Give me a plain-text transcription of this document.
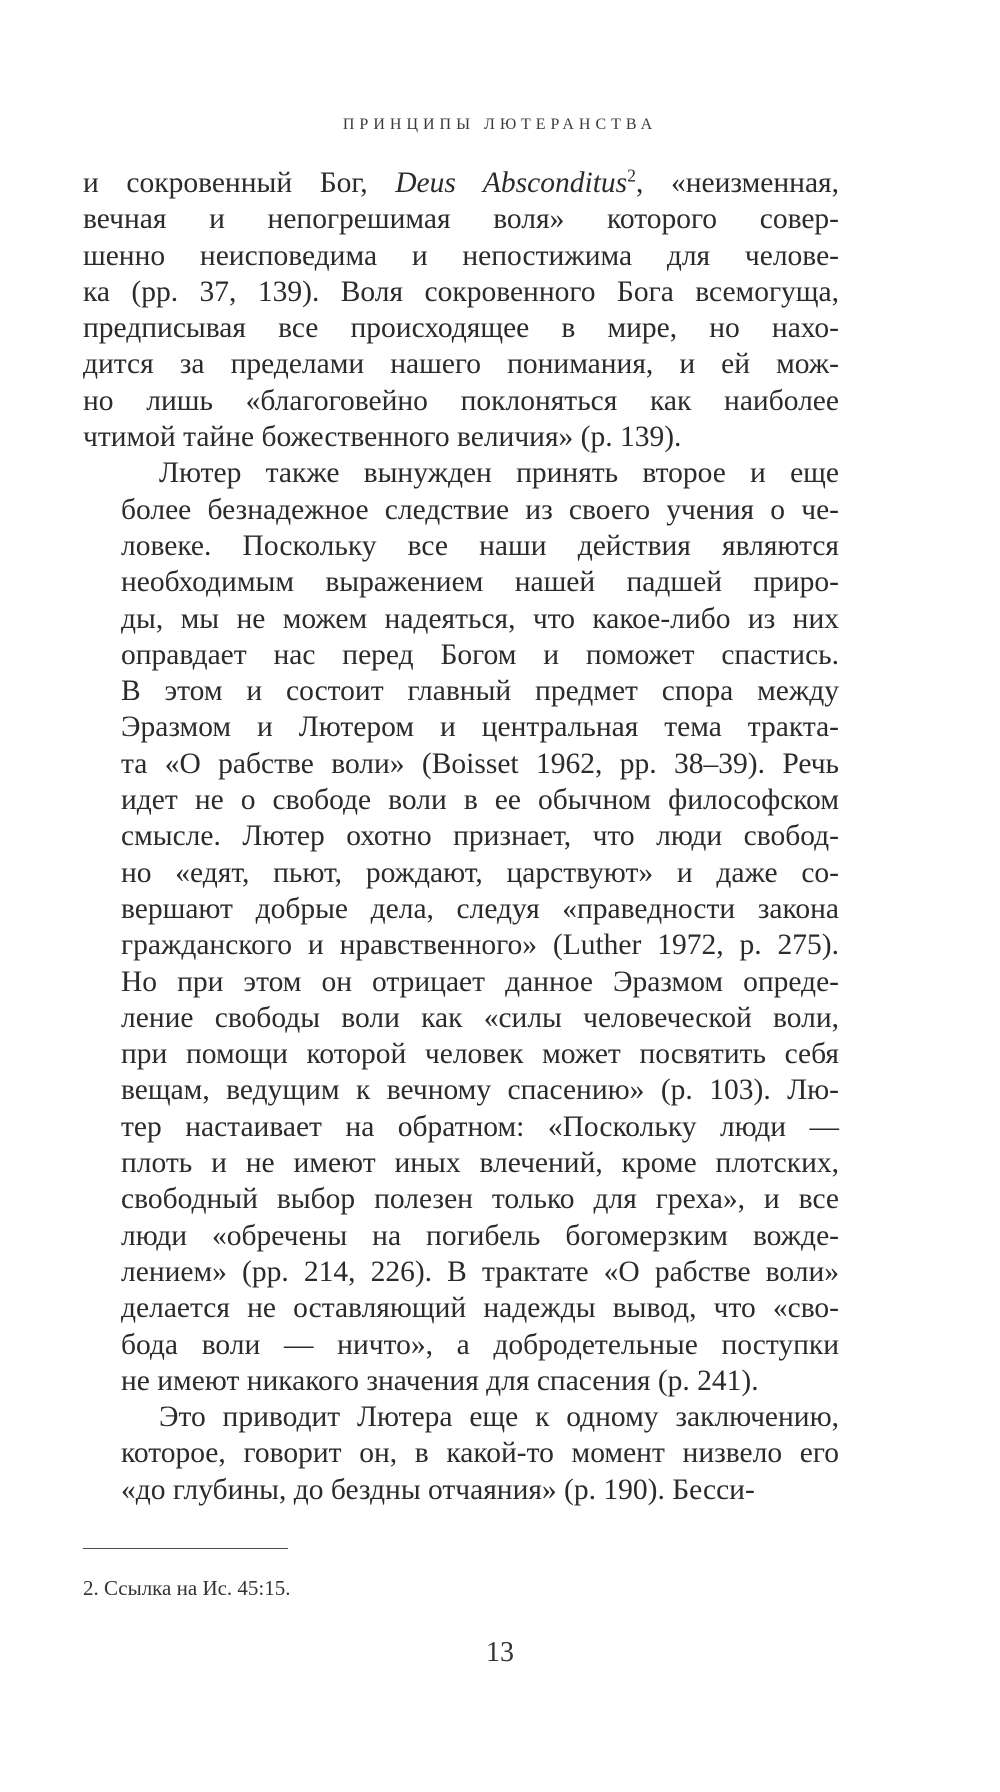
ПРИНЦИПЫ ЛЮТЕРАНСТВА

и сокровенный Бог, Deus Absconditus$^2$, «неизменная,
вечная и непогрешимая воля» которого совер-
шенно неисповедима и непостижима для челове-
ка (pp. 37, 139). Воля сокровенного Бога всемогуща,
предписывая все происходящее в мире, но нахо-
дится за пределами нашего понимания, и ей мож-
но лишь «благоговейно поклоняться как наиболее
чтимой тайне божественного величия» (p. 139).

Лютер также вынужден принять второе и еще
более безнадежное следствие из своего учения о че-
ловеке. Поскольку все наши действия являются
необходимым выражением нашей падшей приро-
ды, мы не можем надеяться, что какое-либо из них
оправдает нас перед Богом и поможет спастись.
В этом и состоит главный предмет спора между
Эразмом и Лютером и центральная тема тракта-
та «О рабстве воли» (Boisset 1962, pp. 38–39). Речь
идет не о свободе воли в ее обычном философском
смысле. Лютер охотно признает, что люди свобод-
но «едят, пьют, рождают, царствуют» и даже со-
вершают добрые дела, следуя «праведности закона
гражданского и нравственного» (Luther 1972, p. 275).
Но при этом он отрицает данное Эразмом опреде-
ление свободы воли как «силы человеческой воли,
при помощи которой человек может посвятить себя
вещам, ведущим к вечному спасению» (p. 103). Лю-
тер настаивает на обратном: «Поскольку люди —
плоть и не имеют иных влечений, кроме плотских,
свободный выбор полезен только для греха», и все
люди «обречены на погибель богомерзким вожде-
лением» (pp. 214, 226). В трактате «О рабстве воли»
делается не оставляющий надежды вывод, что «сво-
бода воли — ничто», а добродетельные поступки
не имеют никакого значения для спасения (p. 241).

Это приводит Лютера еще к одному заключению,
которое, говорит он, в какой-то момент низвело его
«до глубины, до бездны отчаяния» (p. 190). Бесси-

2. Ссылка на Ис. 45:15.
13
